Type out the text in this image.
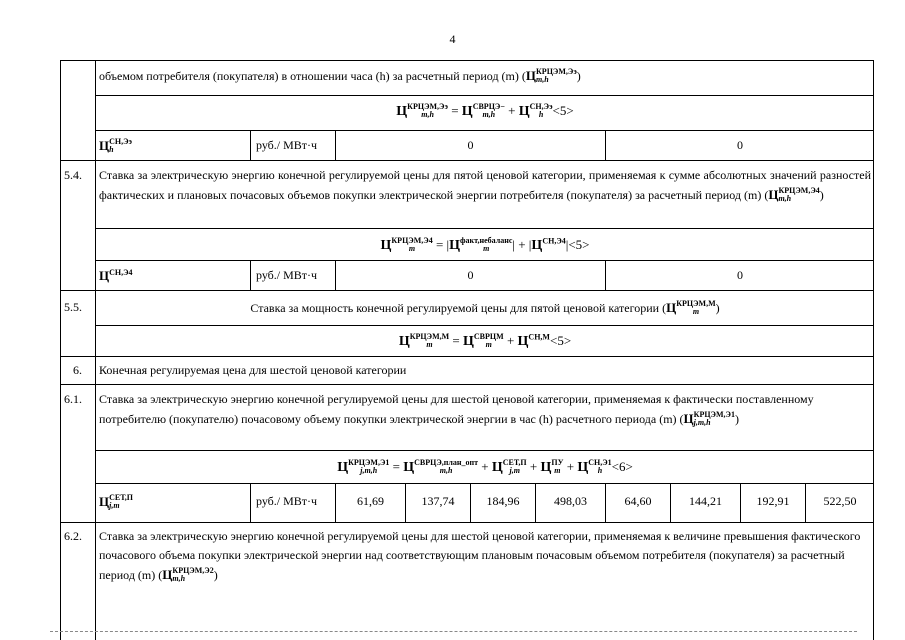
4
объемом потребителя (покупателя) в отношении часа (h) за расчетный период (m) (Ц КРЦЭМ,Ээ
m,h	)
Ц КРЦЭМ,Ээ
m,h	= Ц СВРЦЭ−
m,h + Ц СН,Ээ
h <5>
Ц СН,Ээ
h	руб./ МВт·ч	0	0
5.4. Ставка за электрическую энергию конечной регулируемой цены для пятой ценовой категории, применяемая к сумме абсолютных значений разностей фактических и плановых почасовых объемов покупки электрической энергии потребителя (покупателя) за расчетный период (m) (Ц КРЦЭМ,Э4
m,h	)
Ц КРЦЭМ,Э4
m	= |Ц факт,небаланс
m	| + $|Ц^{СН,Э4}|<5>$
$Ц^{СН,Э4}$	руб./ МВт·ч	0	0
5.5.	Ставка за мощность конечной регулируемой цены для пятой ценовой категории (Ц КРЦЭМ,М
m	)
Ц КРЦЭМ,М
m	= Ц СВРЦМ
$m + Ц^{СН,М}<5>$
6. Конечная регулируемая цена для шестой ценовой категории
6.1. Ставка за электрическую энергию конечной регулируемой цены для шестой ценовой категории, применяемая к фактически поставленному потребителю (покупателю) почасовому объему покупки электрической энергии в час (h) расчетного периода (m) (Ц КРЦЭМ,Э1
j,m,h	)
Ц КРЦЭМ,Э1
j,m,h = Ц СВРЦЭ,план_опт
m,h	+ Ц СЕТ,П
j,m + Ц ПУ
m + Ц СН,Э1
h <6>
Ц СЕТ,П
j,m	руб./ МВт·ч	61,69	137,74	184,96	498,03	64,60	144,21	192,91	522,50
6.2. Ставка за электрическую энергию конечной регулируемой цены для шестой ценовой категории, применяемая к величине превышения фактического почасового объема покупки электрической энергии над соответствующим плановым почасовым объемом потребителя (покупателя) за расчетный период (m) (Ц КРЦЭМ,Э2
m,h	)
